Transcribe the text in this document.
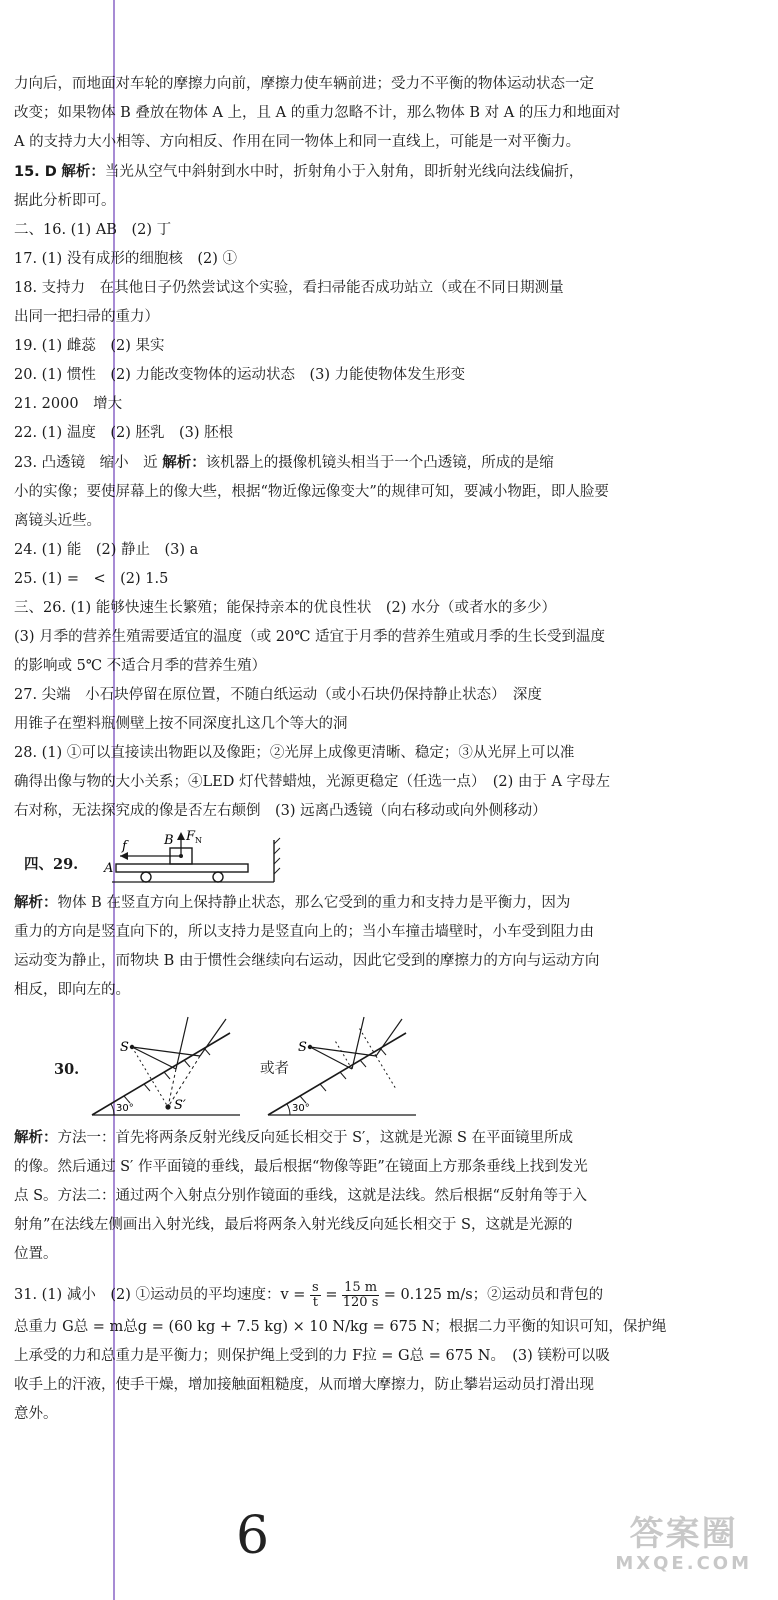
力向后，而地面对车轮的摩擦力向前，摩擦力使车辆前进；受力不平衡的物体运动状态一定

改变；如果物体 B 叠放在物体 A 上，且 A 的重力忽略不计，那么物体 B 对 A 的压力和地面对

A 的支持力大小相等、方向相反、作用在同一物体上和同一直线上，可能是一对平衡力。

15. D 解析：当光从空气中斜射到水中时，折射角小于入射角，即折射光线向法线偏折，

据此分析即可。

二、16. (1) AB　(2) 丁

17. (1) 没有成形的细胞核　(2) ①

18. 支持力　在其他日子仍然尝试这个实验，看扫帚能否成功站立（或在不同日期测量

出同一把扫帚的重力）

19. (1) 雌蕊　(2) 果实

20. (1) 惯性　(2) 力能改变物体的运动状态　(3) 力能使物体发生形变

21. 2000　增大

22. (1) 温度　(2) 胚乳　(3) 胚根

23. 凸透镜　缩小　近 解析：该机器上的摄像机镜头相当于一个凸透镜，所成的是缩

小的实像；要使屏幕上的像大些，根据“物近像远像变大”的规律可知，要减小物距，即人脸要

离镜头近些。

24. (1) 能　(2) 静止　(3) a

25. (1) =　<　(2) 1.5

三、26. (1) 能够快速生长繁殖；能保持亲本的优良性状　(2) 水分（或者水的多少）

(3) 月季的营养生殖需要适宜的温度（或 20℃ 适宜于月季的营养生殖或月季的生长受到温度

的影响或 5℃ 不适合月季的营养生殖）

27. 尖端　小石块停留在原位置，不随白纸运动（或小石块仍保持静止状态）　深度

用锥子在塑料瓶侧壁上按不同深度扎这几个等大的洞

28. (1) ①可以直接读出物距以及像距；②光屏上成像更清晰、稳定；③从光屏上可以准

确得出像与物的大小关系；④LED 灯代替蜡烛，光源更稳定（任选一点）　(2) 由于 A 字母左

右对称，无法探究成的像是否左右颠倒　(3) 远离凸透镜（向右移动或向外侧移动）

四、29.
f	B F N
A

解析：物体 B 在竖直方向上保持静止状态，那么它受到的重力和支持力是平衡力，因为

重力的方向是竖直向下的，所以支持力是竖直向上的；当小车撞击墙壁时，小车受到阻力由

运动变为静止，而物块 B 由于惯性会继续向右运动，因此它受到的摩擦力的方向与运动方向

相反，即向左的。

30.
30°
S
S′
或者
30°
S

解析：方法一：首先将两条反射光线反向延长相交于 S′，这就是光源 S 在平面镜里所成

的像。然后通过 S′ 作平面镜的垂线，最后根据“物像等距”在镜面上方那条垂线上找到发光

点 S。方法二：通过两个入射点分别作镜面的垂线，这就是法线。然后根据“反射角等于入

射角”在法线左侧画出入射光线，最后将两条入射光线反向延长相交于 S，这就是光源的

位置。

31. (1) 减小　(2) ①运动员的平均速度：$v = \frac{s}{t} = \frac{15 m}{120 s} = 0.125$ m/s；②运动员和背包的

总重力 G总 = m总g = (60 kg + 7.5 kg) × 10 N/kg = 675 N；根据二力平衡的知识可知，保护绳

上承受的力和总重力是平衡力；则保护绳上受到的力 F拉 = G总 = 675 N。　(3) 镁粉可以吸

收手上的汗液，使手干燥，增加接触面粗糙度，从而增大摩擦力，防止攀岩运动员打滑出现

意外。

6	答案圈
MXQE.COM
